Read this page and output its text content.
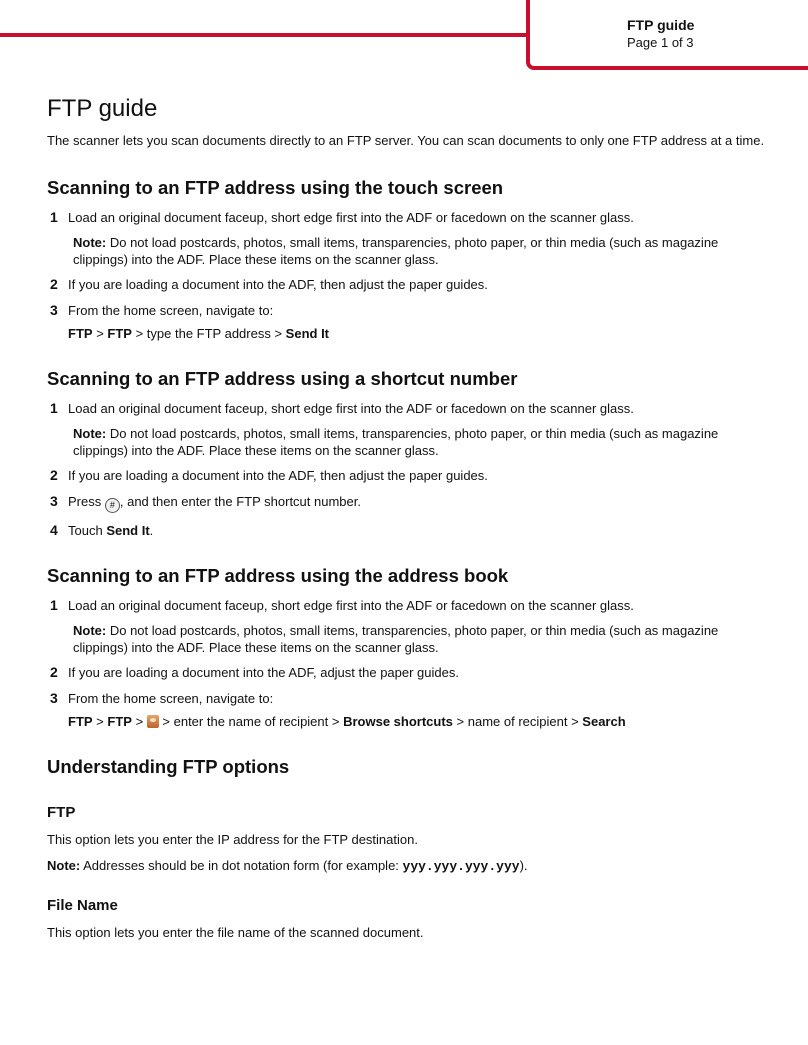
FTP guide
Page 1 of 3
FTP guide

The scanner lets you scan documents directly to an FTP server. You can scan documents to only one FTP address at a time.

Scanning to an FTP address using the touch screen
1 Load an original document faceup, short edge first into the ADF or facedown on the scanner glass.
Note: Do not load postcards, photos, small items, transparencies, photo paper, or thin media (such as magazine clippings) into the ADF. Place these items on the scanner glass.
2 If you are loading a document into the ADF, then adjust the paper guides.
3 From the home screen, navigate to:
FTP > FTP > type the FTP address > Send It
Scanning to an FTP address using a shortcut number
1 Load an original document faceup, short edge first into the ADF or facedown on the scanner glass.
Note: Do not load postcards, photos, small items, transparencies, photo paper, or thin media (such as magazine clippings) into the ADF. Place these items on the scanner glass.
2 If you are loading a document into the ADF, then adjust the paper guides.
3 Press # , and then enter the FTP shortcut number.
4 Touch Send It.
Scanning to an FTP address using the address book
1 Load an original document faceup, short edge first into the ADF or facedown on the scanner glass.
Note: Do not load postcards, photos, small items, transparencies, photo paper, or thin media (such as magazine clippings) into the ADF. Place these items on the scanner glass.
2 If you are loading a document into the ADF, adjust the paper guides.
3 From the home screen, navigate to:
FTP > FTP >  > enter the name of recipient > Browse shortcuts > name of recipient > Search
Understanding FTP options
FTP

This option lets you enter the IP address for the FTP destination.

Note: Addresses should be in dot notation form (for example: yyy.yyy.yyy.yyy).

File Name

This option lets you enter the file name of the scanned document.
